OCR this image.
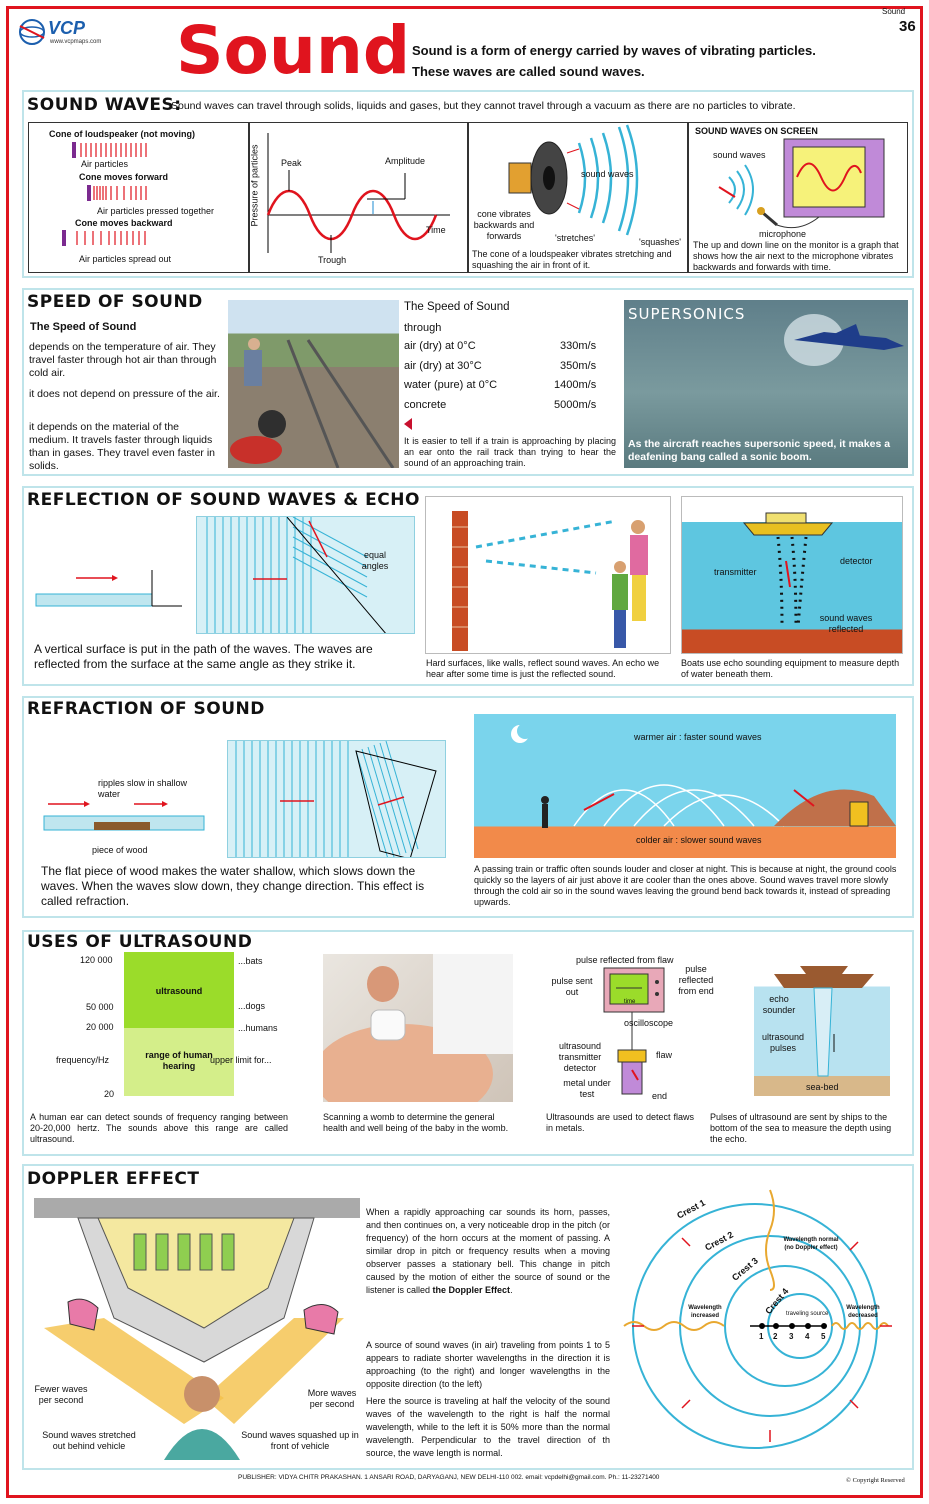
VCP
www.vcpmaps.com
Sound
36
Sound Sound is a form of energy carried by waves of vibrating particles.
These waves are called sound waves.
SOUND WAVES:
Sound waves can travel through solids, liquids and gases, but they cannot travel through a vacuum as there are no particles to vibrate.
Cone of loudspeaker (not moving)
Air particles
Cone moves forward
Air particles pressed together
Cone moves backward
Air particles spread out
Pressure of particles Peak	Amplitude
Time
Trough
sound waves
cone vibrates backwards and forwards	'stretches'	'squashes'
The cone of a loudspeaker vibrates stretching and squashing the air in front of it.
SOUND WAVES ON SCREEN
sound waves
microphone
The up and down line on the monitor is a graph that shows how the air next to the microphone vibrates backwards and forwards with time.
SPEED OF SOUND
The Speed of Sound
depends on the temperature of air. They travel faster through hot air than through cold air.
it does not depend on pressure of the air.
it depends on the material of the medium. It travels faster through liquids than in gases. They travel even faster in solids.
The Speed of Sound
through
air (dry) at 0°C	330m/s
air (dry) at 30°C	350m/s
water (pure) at 0°C	1400m/s
concrete	5000m/s
It is easier to tell if a train is approaching by placing an ear onto the rail track than trying to hear the sound of an approaching train.
SUPERSONICS
As the aircraft reaches supersonic speed, it makes a deafening bang called a sonic boom.
REFLECTION OF SOUND WAVES & ECHO
equal angles
A vertical surface is put in the path of the waves. The waves are reflected from the surface at the same angle as they strike it.	Hard surfaces, like walls, reflect sound waves. An echo we hear after some time is just the reflected sound.
transmitter
detector
sound waves reflected
Boats use echo sounding equipment to measure depth of water beneath them.
REFRACTION OF SOUND
ripples slow in shallow water
piece of wood
The flat piece of wood makes the water shallow, which slows down the waves. When the waves slow down, they change direction. This effect is called refraction.
warmer air : faster sound waves
colder air : slower sound waves
A passing train or traffic often sounds louder and closer at night. This is because at night, the ground cools quickly so the layers of air just above it are cooler than the ones above. Sound waves travel more slowly through the cold air so in the sound waves leaving the ground bend back towards it, instead of spreading upwards.
USES OF ULTRASOUND
ultrasound
range of human hearing
120 000
50 000
20 000
20
frequency/Hz
...bats
...dogs
...humans
upper limit for...
A human ear can detect sounds of frequency ranging between 20-20,000 hertz. The sounds above this range are called ultrasound.
Scanning a womb to determine the general health and well being of the baby in the womb.
pulse reflected from flaw
pulse sent out
pulse reflected from end
time
oscilloscope
ultrasound transmitter detector
flaw
metal under test	end
Ultrasounds are used to detect flaws in metals.
echo sounder
ultrasound pulses
sea-bed
Pulses of ultrasound are sent by ships to the bottom of the sea to measure the depth using the echo.
DOPPLER EFFECT
Fewer waves per second
More waves per second
Sound waves stretched out behind vehicle
Sound waves squashed up in front of vehicle
When a rapidly approaching car sounds its horn, passes, and then continues on, a very noticeable drop in the pitch (or frequency) of the horn occurs at the moment of passing. A similar drop in pitch or frequency results when a moving observer passes a stationary bell. This change in pitch caused by the motion of either the source of sound or the listener is called the Doppler Effect.
A source of sound waves (in air) traveling from points 1 to 5 appears to radiate shorter wavelengths in the direction it is approaching (to the right) and longer wavelengths in the opposite direction (to the left)
Here the source is traveling at half the velocity of the sound waves of the wavelength to the right is half the normal wavelength, while to the left it is 50% more than the normal wavelength. Perpendicular to the travel direction of th source, the wave length is normal.
Crest 1
Crest 2
Crest 3
Crest 4
Wavelength normal (no Doppler effect)
Wavelength increased
Wavelength decreased
traveling source
1 2 3 4 5
PUBLISHER: VIDYA CHITR PRAKASHAN. 1 ANSARI ROAD, DARYAGANJ, NEW DELHI-110 002. email: vcpdelhi@gmail.com. Ph.: 11-23271400	© Copyright Reserved
